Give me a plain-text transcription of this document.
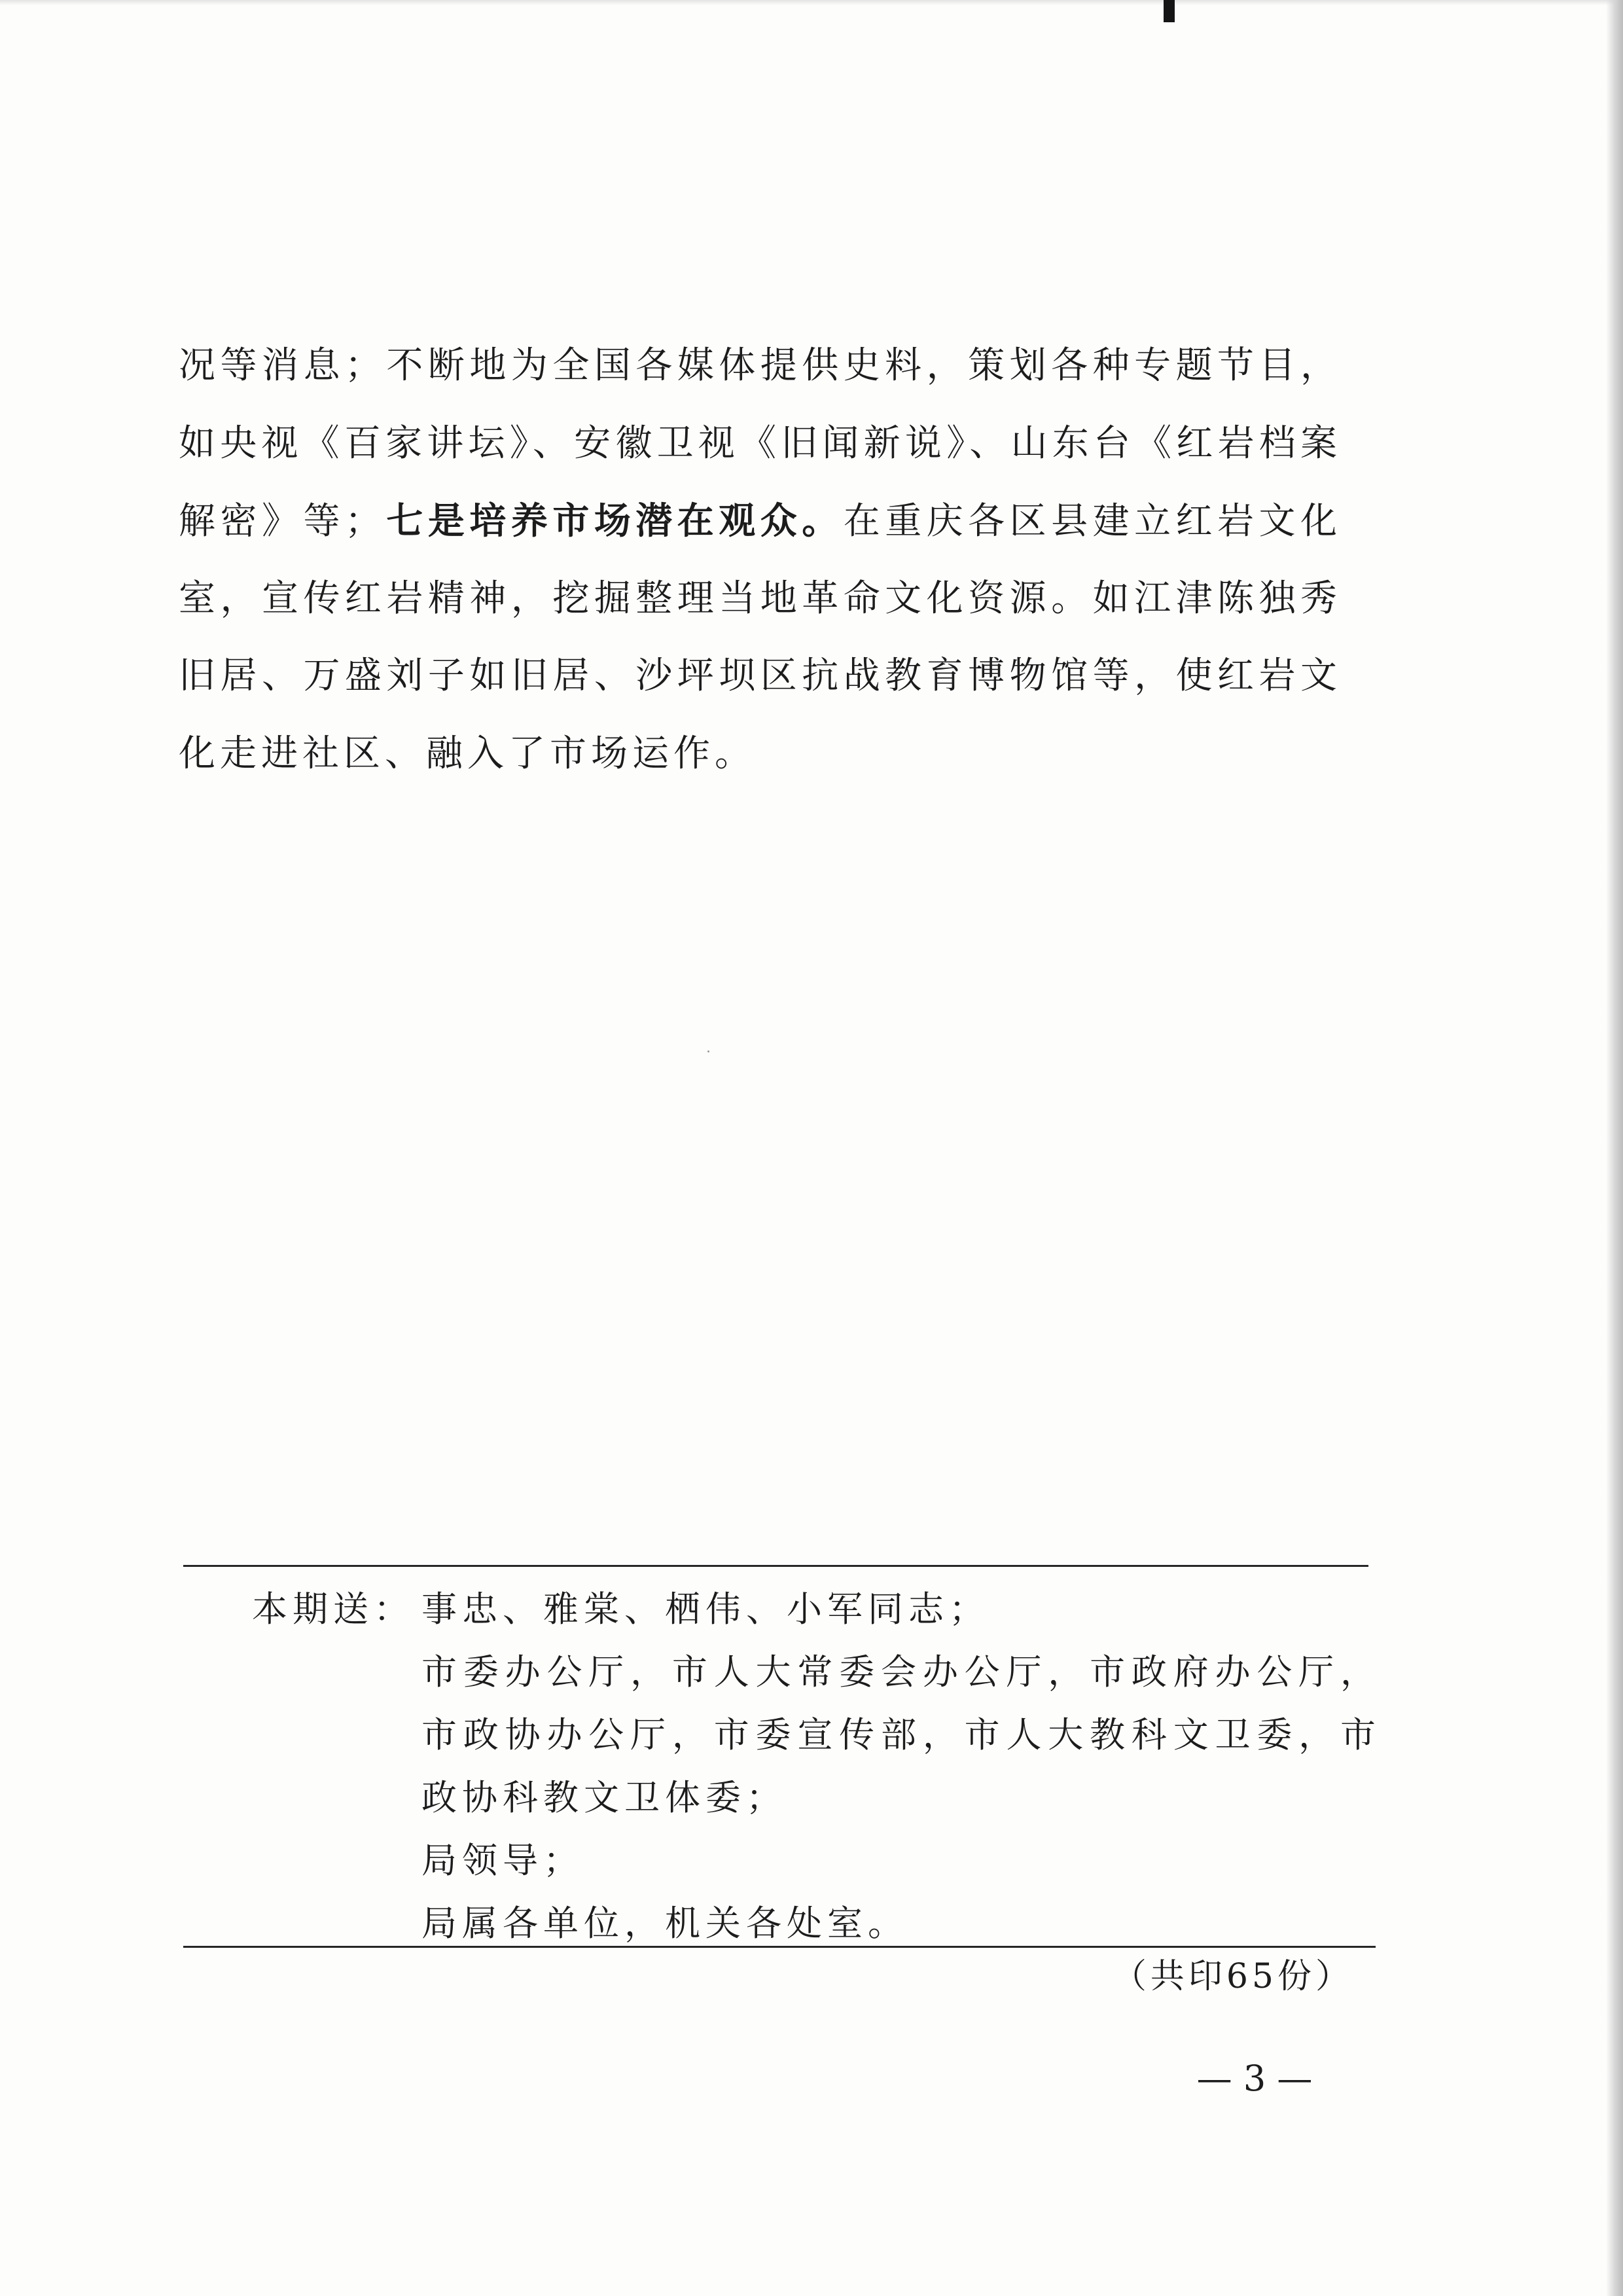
况等消息；不断地为全国各媒体提供史料，策划各种专题节目，
如央视《百家讲坛》、安徽卫视《旧闻新说》、山东台《红岩档案
解密》等；七是培养市场潜在观众。在重庆各区县建立红岩文化
室，宣传红岩精神，挖掘整理当地革命文化资源。如江津陈独秀
旧居、万盛刘子如旧居、沙坪坝区抗战教育博物馆等，使红岩文
化走进社区、融入了市场运作。
本期送： 事忠、雅棠、栖伟、小军同志；
市委办公厅，市人大常委会办公厅，市政府办公厅，
市政协办公厅，市委宣传部，市人大教科文卫委，市
政协科教文卫体委；
局领导；
局属各单位，机关各处室。
（共印65份）
— 3 —
